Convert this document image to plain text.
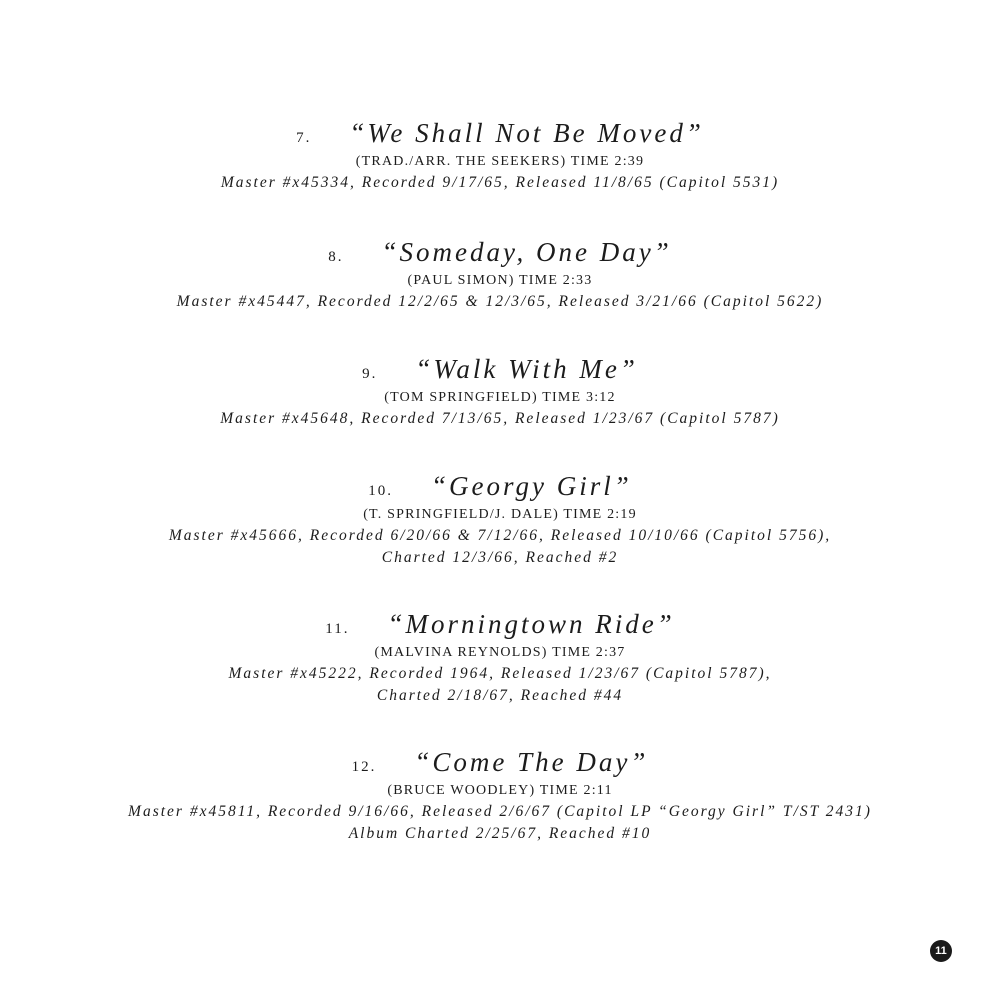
7. “We Shall Not Be Moved”
(TRAD./ARR. THE SEEKERS) TIME 2:39
Master #x45334, Recorded 9/17/65, Released 11/8/65 (Capitol 5531)
8. “Someday, One Day”
(PAUL SIMON) TIME 2:33
Master #x45447, Recorded 12/2/65 & 12/3/65, Released 3/21/66 (Capitol 5622)
9. “Walk With Me”
(TOM SPRINGFIELD) TIME 3:12
Master #x45648, Recorded 7/13/65, Released 1/23/67 (Capitol 5787)
10. “Georgy Girl”
(T. SPRINGFIELD/J. DALE) TIME 2:19
Master #x45666, Recorded 6/20/66 & 7/12/66, Released 10/10/66 (Capitol 5756),
Charted 12/3/66, Reached #2
11. “Morningtown Ride”
(MALVINA REYNOLDS) TIME 2:37
Master #x45222, Recorded 1964, Released 1/23/67 (Capitol 5787),
Charted 2/18/67, Reached #44
12. “Come The Day”
(BRUCE WOODLEY) TIME 2:11
Master #x45811, Recorded 9/16/66, Released 2/6/67 (Capitol LP “Georgy Girl” T/ST 2431)
Album Charted 2/25/67, Reached #10
11
